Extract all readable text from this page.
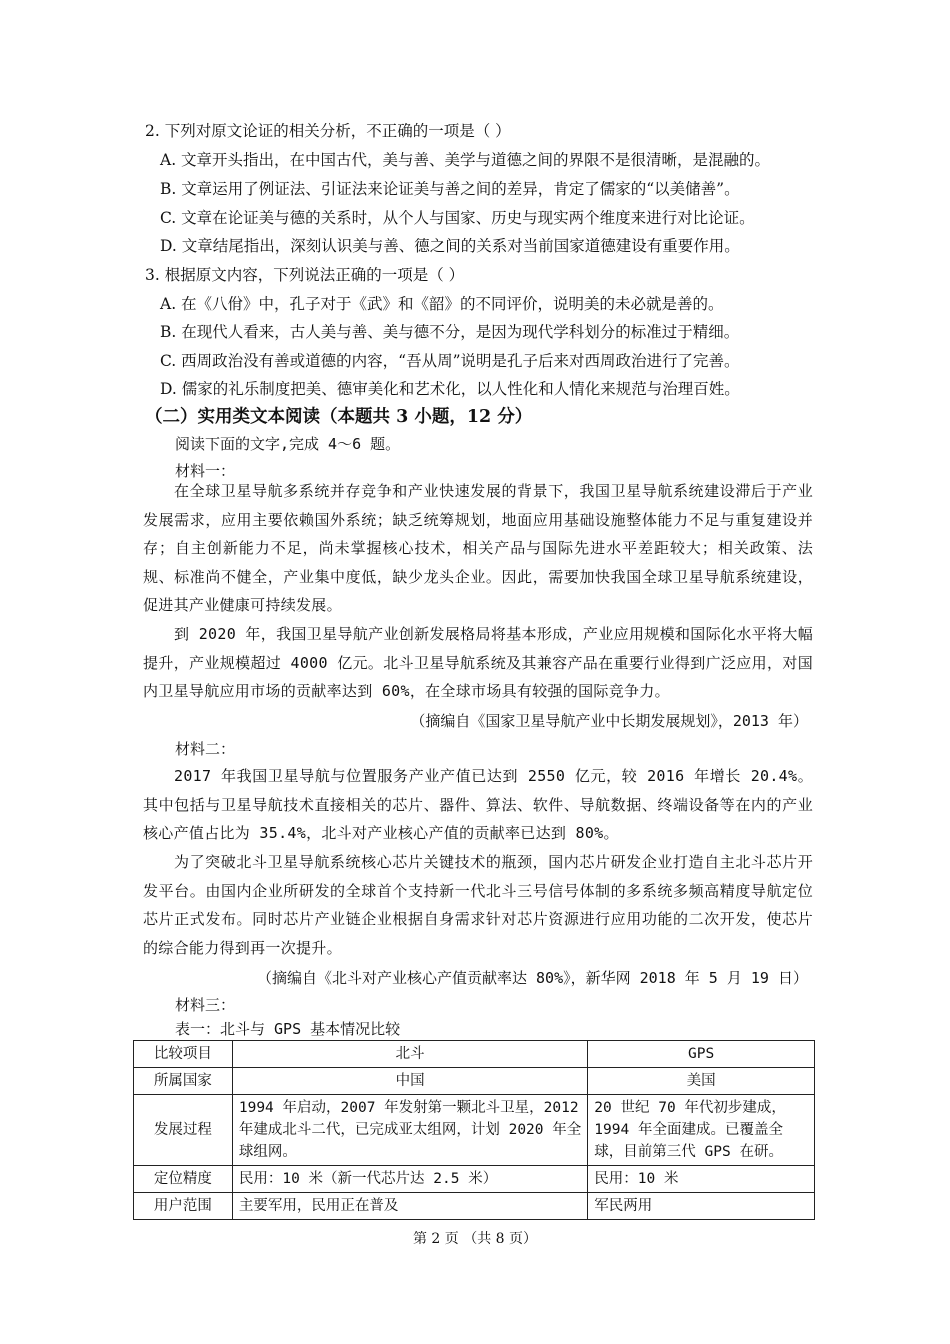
2. 下列对原文论证的相关分析，不正确的一项是（ ）
A. 文章开头指出，在中国古代，美与善、美学与道德之间的界限不是很清晰，是混融的。
B. 文章运用了例证法、引证法来论证美与善之间的差异，肯定了儒家的“以美储善”。
C. 文章在论证美与德的关系时，从个人与国家、历史与现实两个维度来进行对比论证。
D. 文章结尾指出，深刻认识美与善、德之间的关系对当前国家道德建设有重要作用。
3. 根据原文内容，下列说法正确的一项是（ ）
A. 在《八佾》中，孔子对于《武》和《韶》的不同评价，说明美的未必就是善的。
B. 在现代人看来，古人美与善、美与德不分，是因为现代学科划分的标准过于精细。
C. 西周政治没有善或道德的内容，“吾从周”说明是孔子后来对西周政治进行了完善。
D. 儒家的礼乐制度把美、德审美化和艺术化，以人性化和人情化来规范与治理百姓。
（二）实用类文本阅读（本题共 3 小题，12 分）
阅读下面的文字,完成 4～6 题。
材料一：
在全球卫星导航多系统并存竞争和产业快速发展的背景下，我国卫星导航系统建设滞后于产业发展需求，应用主要依赖国外系统；缺乏统筹规划，地面应用基础设施整体能力不足与重复建设并存；自主创新能力不足，尚未掌握核心技术，相关产品与国际先进水平差距较大；相关政策、法规、标准尚不健全，产业集中度低，缺少龙头企业。因此，需要加快我国全球卫星导航系统建设，促进其产业健康可持续发展。
到 2020 年，我国卫星导航产业创新发展格局将基本形成，产业应用规模和国际化水平将大幅提升，产业规模超过 4000 亿元。北斗卫星导航系统及其兼容产品在重要行业得到广泛应用，对国内卫星导航应用市场的贡献率达到 60%，在全球市场具有较强的国际竞争力。
（摘编自《国家卫星导航产业中长期发展规划》，2013 年）
材料二：
2017 年我国卫星导航与位置服务产业产值已达到 2550 亿元，较 2016 年增长 20.4%。其中包括与卫星导航技术直接相关的芯片、器件、算法、软件、导航数据、终端设备等在内的产业核心产值占比为 35.4%，北斗对产业核心产值的贡献率已达到 80%。
为了突破北斗卫星导航系统核心芯片关键技术的瓶颈，国内芯片研发企业打造自主北斗芯片开发平台。由国内企业所研发的全球首个支持新一代北斗三号信号体制的多系统多频高精度导航定位芯片正式发布。同时芯片产业链企业根据自身需求针对芯片资源进行应用功能的二次开发，使芯片的综合能力得到再一次提升。
（摘编自《北斗对产业核心产值贡献率达 80%》，新华网 2018 年 5 月 19 日）
材料三：
表一：北斗与 GPS 基本情况比较
比较项目	北斗	GPS
所属国家	中国	美国
发展过程	1994 年启动，2007 年发射第一颗北斗卫星，2012 年建成北斗二代，已完成亚太组网，计划 2020 年全球组网。	20 世纪 70 年代初步建成，1994 年全面建成。已覆盖全球，目前第三代 GPS 在研。
定位精度	民用：10 米（新一代芯片达 2.5 米）	民用：10 米
用户范围	主要军用，民用正在普及	军民两用
第 2 页 （共 8 页）
